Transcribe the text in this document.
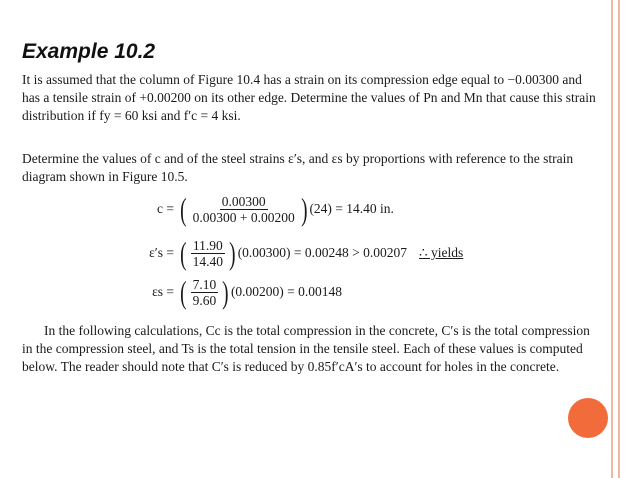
Example 10.2
It is assumed that the column of Figure 10.4 has a strain on its compression edge equal to −0.00300 and has a tensile strain of +0.00200 on its other edge. Determine the values of Pn and Mn that cause this strain distribution if fy = 60 ksi and f′c = 4 ksi.
Determine the values of c and of the steel strains ε′s, and εs by proportions with reference to the strain diagram shown in Figure 10.5.
c = ( $\frac{0.00300}{0.00300 + 0.00200}$ ) (24) = 14.40 in.
ε′s = ( $\frac{11.90}{14.40}$ ) (0.00300) = 0.00248 > 0.00207 ∴ yields
εs = ( $\frac{7.10}{9.60}$ ) (0.00200) = 0.00148
In the following calculations, Cc is the total compression in the concrete, C′s is the total compression in the compression steel, and Ts is the total tension in the tensile steel. Each of these values is computed below. The reader should note that C′s is reduced by 0.85f′cA′s to account for holes in the concrete.
